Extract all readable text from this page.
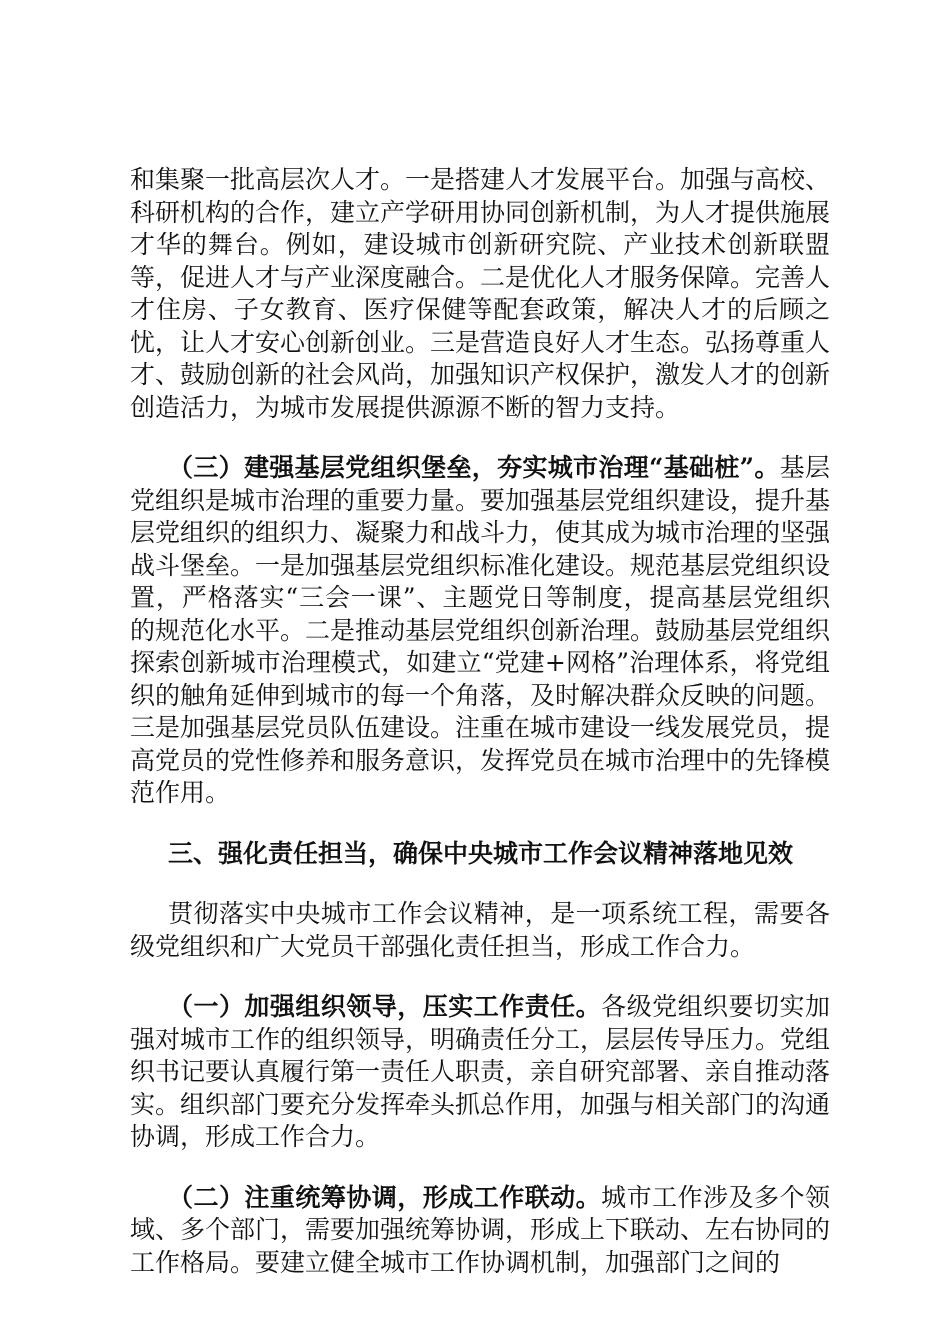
和集聚一批高层次人才。一是搭建人才发展平台。加强与高校、科研机构的合作，建立产学研用协同创新机制，为人才提供施展才华的舞台。例如，建设城市创新研究院、产业技术创新联盟等，促进人才与产业深度融合。二是优化人才服务保障。完善人才住房、子女教育、医疗保健等配套政策，解决人才的后顾之忧，让人才安心创新创业。三是营造良好人才生态。弘扬尊重人才、鼓励创新的社会风尚，加强知识产权保护，激发人才的创新创造活力，为城市发展提供源源不断的智力支持。

（三）建强基层党组织堡垒，夯实城市治理“基础桩”。基层党组织是城市治理的重要力量。要加强基层党组织建设，提升基层党组织的组织力、凝聚力和战斗力，使其成为城市治理的坚强战斗堡垒。一是加强基层党组织标准化建设。规范基层党组织设置，严格落实“三会一课”、主题党日等制度，提高基层党组织的规范化水平。二是推动基层党组织创新治理。鼓励基层党组织探索创新城市治理模式，如建立“党建+网格”治理体系，将党组织的触角延伸到城市的每一个角落，及时解决群众反映的问题。三是加强基层党员队伍建设。注重在城市建设一线发展党员，提高党员的党性修养和服务意识，发挥党员在城市治理中的先锋模范作用。

三、强化责任担当，确保中央城市工作会议精神落地见效

贯彻落实中央城市工作会议精神，是一项系统工程，需要各级党组织和广大党员干部强化责任担当，形成工作合力。

（一）加强组织领导，压实工作责任。各级党组织要切实加强对城市工作的组织领导，明确责任分工，层层传导压力。党组织书记要认真履行第一责任人职责，亲自研究部署、亲自推动落实。组织部门要充分发挥牵头抓总作用，加强与相关部门的沟通协调，形成工作合力。

（二）注重统筹协调，形成工作联动。城市工作涉及多个领域、多个部门，需要加强统筹协调，形成上下联动、左右协同的工作格局。要建立健全城市工作协调机制，加强部门之间的
